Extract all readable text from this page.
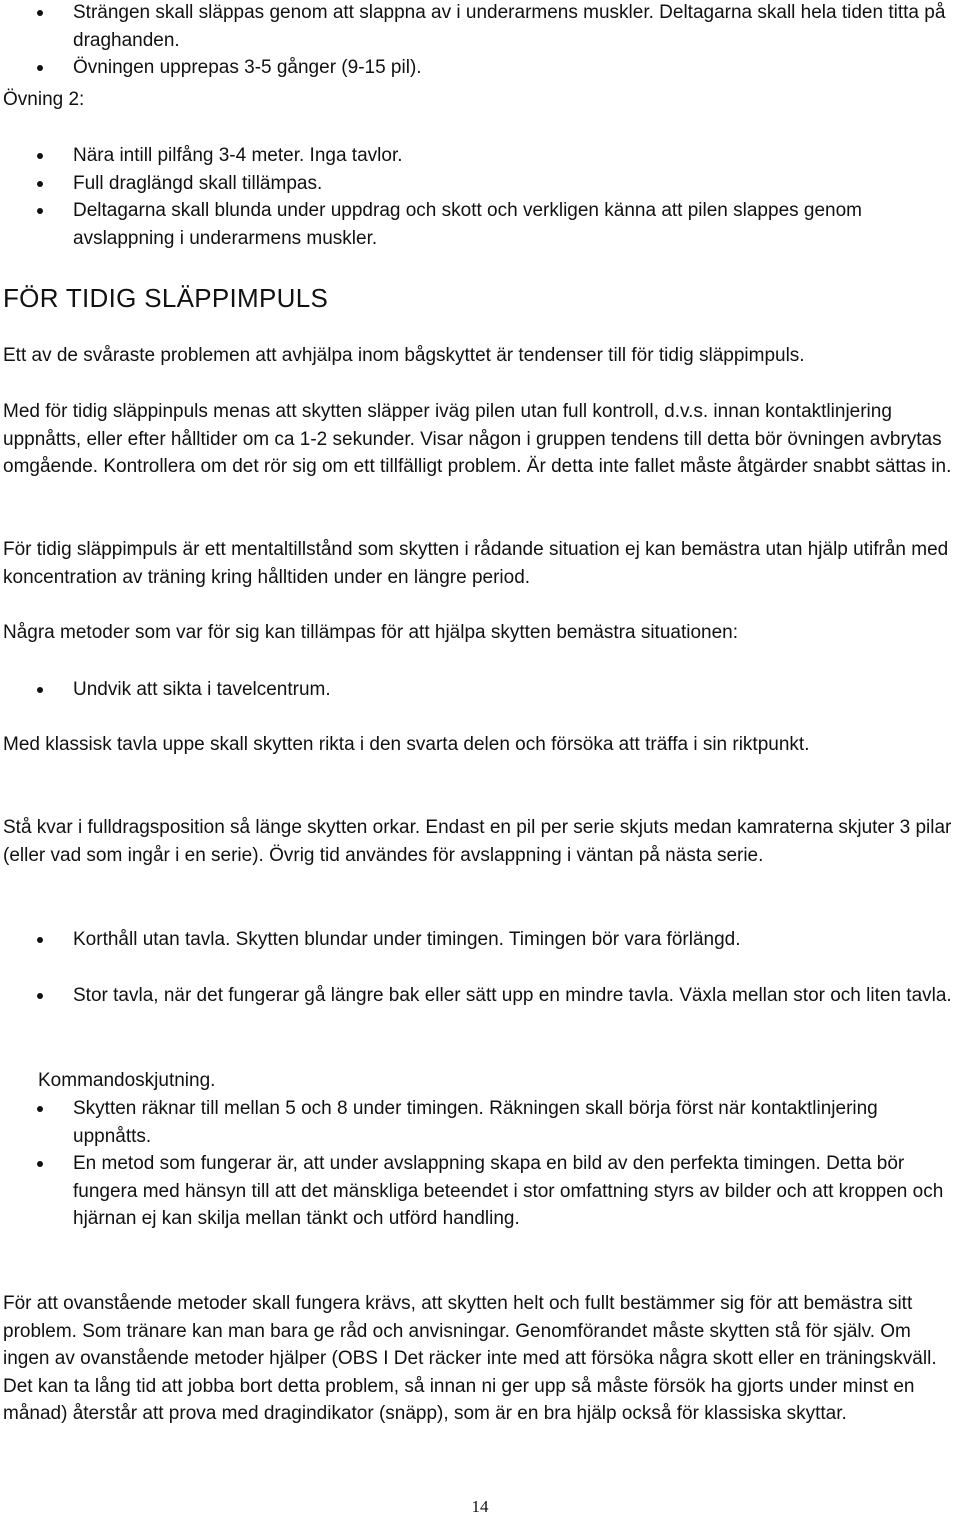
Strängen skall släppas genom att slappna av i underarmens muskler. Deltagarna skall hela tiden titta på draghanden.
Övningen upprepas 3-5 gånger (9-15 pil).

Övning 2:

Nära intill pilfång 3-4 meter. Inga tavlor.
Full draglängd skall tillämpas.
Deltagarna skall blunda under uppdrag och skott och verkligen känna att pilen slappes genom avslappning i underarmens muskler.

FÖR TIDIG SLÄPPIMPULS

Ett av de svåraste problemen att avhjälpa inom bågskyttet är tendenser till för tidig släppimpuls.

Med för tidig släppinpuls menas att skytten släpper iväg pilen utan full kontroll, d.v.s. innan kontaktlinjering uppnåtts, eller efter hålltider om ca 1-2 sekunder. Visar någon i gruppen tendens till detta bör övningen avbrytas omgående. Kontrollera om det rör sig om ett tillfälligt problem. Är detta inte fallet måste åtgärder snabbt sättas in.

För tidig släppimpuls är ett mentaltillstånd som skytten i rådande situation ej kan bemästra utan hjälp utifrån med koncentration av träning kring hålltiden under en längre period.

Några metoder som var för sig kan tillämpas för att hjälpa skytten bemästra situationen:

Undvik att sikta i tavelcentrum.

Med klassisk tavla uppe skall skytten rikta i den svarta delen och försöka att träffa i sin riktpunkt.

Stå kvar i fulldragsposition så länge skytten orkar. Endast en pil per serie skjuts medan kamraterna skjuter 3 pilar (eller vad som ingår i en serie). Övrig tid användes för avslappning i väntan på nästa serie.

Korthåll utan tavla. Skytten blundar under timingen. Timingen bör vara förlängd.
Stor tavla, när det fungerar gå längre bak eller sätt upp en mindre tavla. Växla mellan stor och liten tavla.

Kommandoskjutning.

Skytten räknar till mellan 5 och 8 under timingen. Räkningen skall börja först när kontaktlinjering uppnåtts.
En metod som fungerar är, att under avslappning skapa en bild av den perfekta timingen. Detta bör fungera med hänsyn till att det mänskliga beteendet i stor omfattning styrs av bilder och att kroppen och hjärnan ej kan skilja mellan tänkt och utförd handling.

För att ovanstående metoder skall fungera krävs, att skytten helt och fullt bestämmer sig för att bemästra sitt problem. Som tränare kan man bara ge råd och anvisningar. Genomförandet måste skytten stå för själv. Om ingen av ovanstående metoder hjälper (OBS I Det räcker inte med att försöka några skott eller en träningskväll. Det kan ta lång tid att jobba bort detta problem, så innan ni ger upp så måste försök ha gjorts under minst en månad) återstår att prova med dragindikator (snäpp), som är en bra hjälp också för klassiska skyttar.

14
